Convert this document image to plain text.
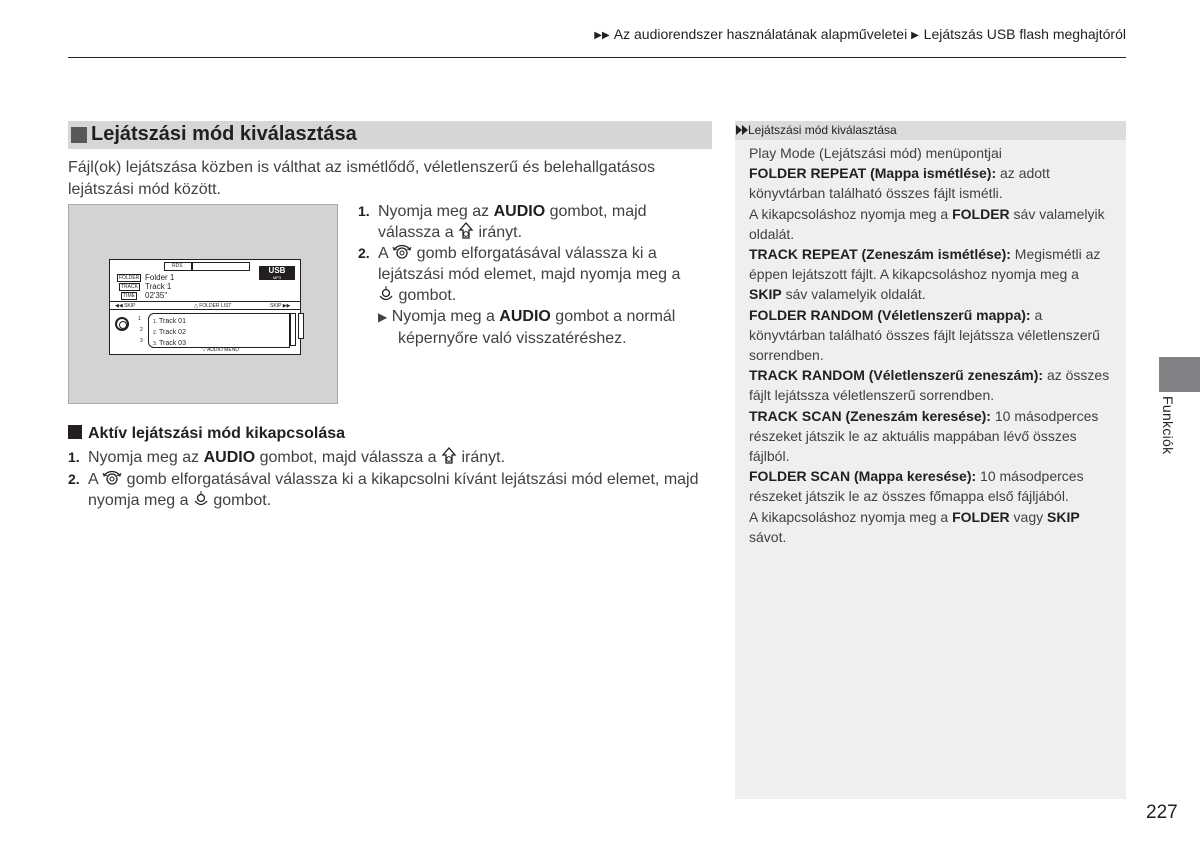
▶▶ Az audiorendszer használatának alapműveletei ▶ Lejátszás USB flash meghajtóról
Lejátszási mód kiválasztása
Fájl(ok) lejátszása közben is válthat az ismétlődő, véletlenszerű és belehallgatásos lejátszási mód között.
RDS	USB
MP3
FOLDER Folder 1
TRACK Track 1
TIME 02'35"
◀◀ SKIP	△ FOLDER LIST	SKIP ▶▶
1
2
3
1. Track 01
2. Track 02
3. Track 03
▽ AUDIO MENU
1. Nyomja meg az AUDIO gombot, majd
válassza a  irányt.
2. A  gomb elforgatásával válassza ki a
lejátszási mód elemet, majd nyomja meg a
gombot.
▶ Nyomja meg a AUDIO gombot a normál
képernyőre való visszatéréshez.
Aktív lejátszási mód kikapcsolása
1. Nyomja meg az AUDIO gombot, majd válassza a  irányt.
2. A  gomb elforgatásával válassza ki a kikapcsolni kívánt lejátszási mód elemet, majd
nyomja meg a  gombot.
Lejátszási mód kiválasztása

Play Mode (Lejátszási mód) menüpontjai

FOLDER REPEAT (Mappa ismétlése): az adott
könyvtárban található összes fájlt ismétli.
A kikapcsoláshoz nyomja meg a FOLDER sáv valamelyik
oldalát.

TRACK REPEAT (Zeneszám ismétlése): Megismétli az
éppen lejátszott fájlt. A kikapcsoláshoz nyomja meg a
SKIP sáv valamelyik oldalát.

FOLDER RANDOM (Véletlenszerű mappa): a
könyvtárban található összes fájlt lejátssza véletlenszerű
sorrendben.

TRACK RANDOM (Véletlenszerű zeneszám): az összes
fájlt lejátssza véletlenszerű sorrendben.

TRACK SCAN (Zeneszám keresése): 10 másodperces
részeket játszik le az aktuális mappában lévő összes
fájlból.

FOLDER SCAN (Mappa keresése): 10 másodperces
részeket játszik le az összes főmappa első fájljából.
A kikapcsoláshoz nyomja meg a FOLDER vagy SKIP
sávot.

Funkciók
227
